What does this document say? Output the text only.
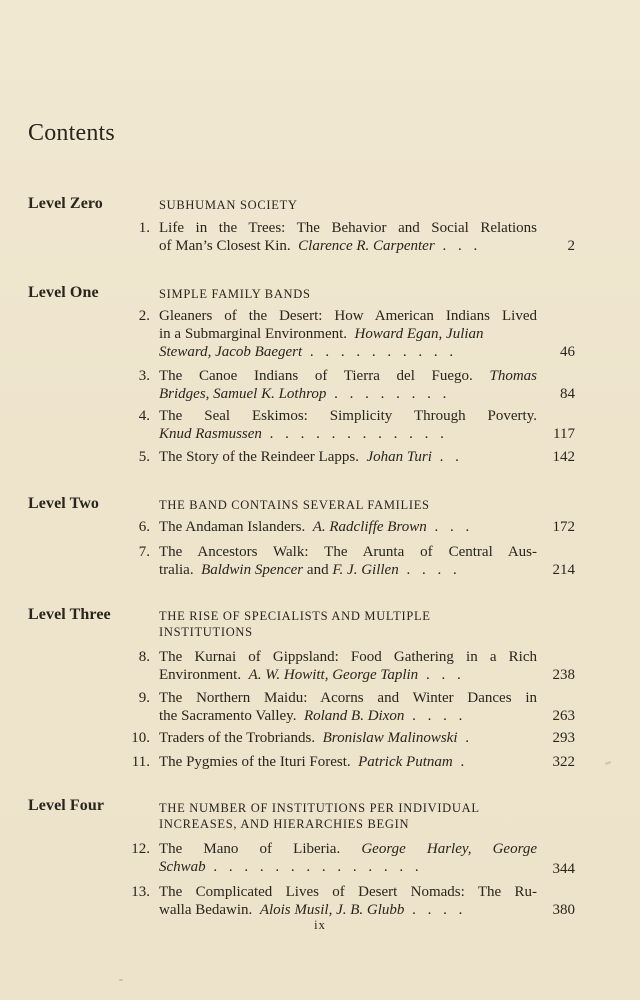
Contents
Level Zero	SUBHUMAN SOCIETY
1. Life in the Trees: The Behavior and Social Relations
of Man’s Closest Kin. Clarence R. Carpenter . . .	2
Level One	SIMPLE FAMILY BANDS
2. Gleaners of the Desert: How American Indians Lived
in a Submarginal Environment. Howard Egan, Julian
Steward, Jacob Baegert . . . . . . . . . .	46
3. The Canoe Indians of Tierra del Fuego. Thomas
Bridges, Samuel K. Lothrop . . . . . . . .	84
4. The Seal Eskimos: Simplicity Through Poverty.
Knud Rasmussen . . . . . . . . . . . .	117
5. The Story of the Reindeer Lapps. Johan Turi . .	142
Level Two	THE BAND CONTAINS SEVERAL FAMILIES
6. The Andaman Islanders. A. Radcliffe Brown . . .	172
7. The Ancestors Walk: The Arunta of Central Aus-
tralia. Baldwin Spencer and F. J. Gillen . . . .	214
Level Three	THE RISE OF SPECIALISTS AND MULTIPLE
INSTITUTIONS
8. The Kurnai of Gippsland: Food Gathering in a Rich
Environment. A. W. Howitt, George Taplin . . .	238
9. The Northern Maidu: Acorns and Winter Dances in
the Sacramento Valley. Roland B. Dixon . . . .	263
10. Traders of the Trobriands. Bronislaw Malinowski .	293
11. The Pygmies of the Ituri Forest. Patrick Putnam .	322
Level Four	THE NUMBER OF INSTITUTIONS PER INDIVIDUAL
INCREASES, AND HIERARCHIES BEGIN
12. The Mano of Liberia. George Harley, George
Schwab . . . . . . . . . . . . . .	344
13. The Complicated Lives of Desert Nomads: The Ru-
walla Bedawin. Alois Musil, J. B. Glubb . . . .	380
ix
